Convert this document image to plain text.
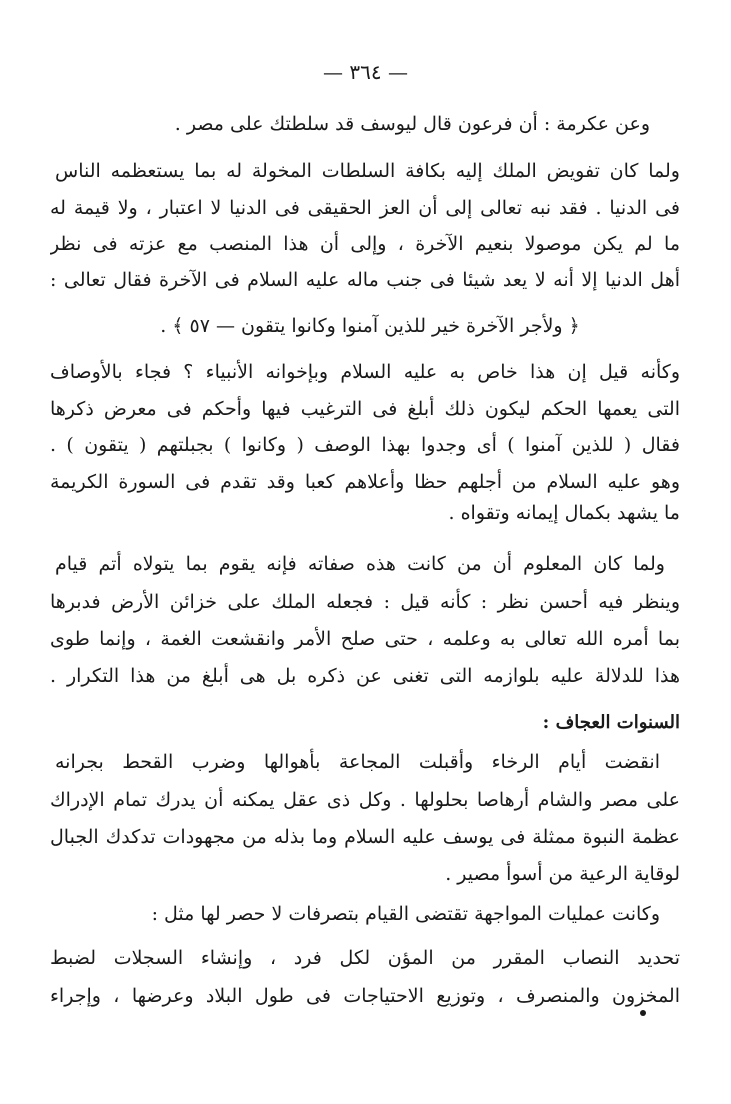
— ٣٦٤ —
وعن عكرمة : أن فرعون قال ليوسف قد سلطتك على مصر .
ولما كان تفويض الملك إليه بكافة السلطات المخولة له بما يستعظمه الناس
فى الدنيا . فقد نبه تعالى إلى أن العز الحقيقى فى الدنيا لا اعتبار ، ولا قيمة له
ما لم يكن موصولا بنعيم الآخرة ، وإلى أن هذا المنصب مع عزته فى نظر
أهل الدنيا إلا أنه لا يعد شيئا فى جنب ماله عليه السلام فى الآخرة فقال تعالى :
﴿ ولأجر الآخرة خير للذين آمنوا وكانوا يتقون — ٥٧ ﴾ .
وكأنه قيل إن هذا خاص به عليه السلام وبإخوانه الأنبياء ؟ فجاء بالأوصاف
التى يعمها الحكم ليكون ذلك أبلغ فى الترغيب فيها وأحكم فى معرض ذكرها
فقال ( للذين آمنوا ) أى وجدوا بهذا الوصف ( وكانوا ) بجبلتهم ( يتقون ) .
وهو عليه السلام من أجلهم حظا وأعلاهم كعبا وقد تقدم فى السورة الكريمة
ما يشهد بكمال إيمانه وتقواه .
ولما كان المعلوم أن من كانت هذه صفاته فإنه يقوم بما يتولاه أتم قيام
وينظر فيه أحسن نظر : كأنه قيل : فجعله الملك على خزائن الأرض فدبرها
بما أمره الله تعالى به وعلمه ، حتى صلح الأمر وانقشعت الغمة ، وإنما طوى
هذا للدلالة عليه بلوازمه التى تغنى عن ذكره بل هى أبلغ من هذا التكرار .
السنوات العجاف :
انقضت أيام الرخاء وأقبلت المجاعة بأهوالها وضرب القحط بجرانه
على مصر والشام أرهاصا بحلولها . وكل ذى عقل يمكنه أن يدرك تمام الإدراك
عظمة النبوة ممثلة فى يوسف عليه السلام وما بذله من مجهودات تدكدك الجبال
لوقاية الرعية من أسوأ مصير .
وكانت عمليات المواجهة تقتضى القيام بتصرفات لا حصر لها مثل :
تحديد النصاب المقرر من المؤن لكل فرد ، وإنشاء السجلات لضبط
المخزون والمنصرف ، وتوزيع الاحتياجات فى طول البلاد وعرضها ، وإجراء
